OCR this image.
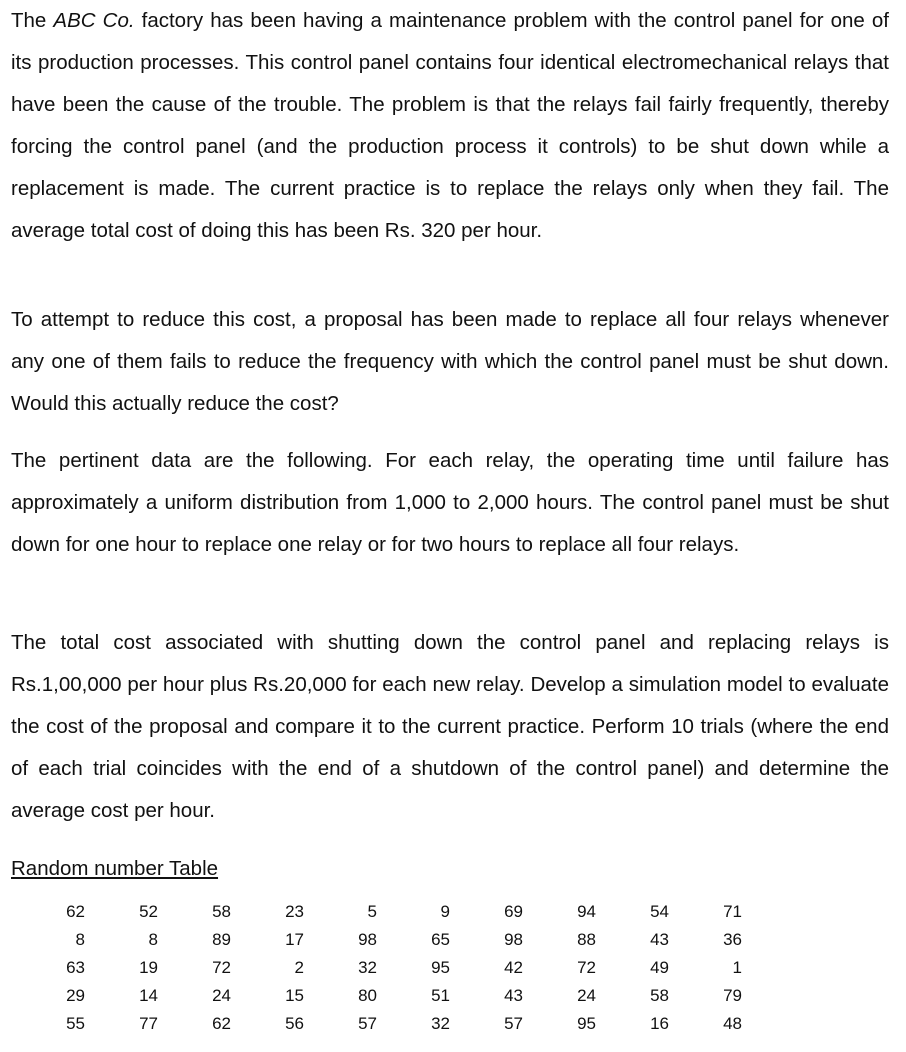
The ABC Co. factory has been having a maintenance problem with the control panel for one of its production processes. This control panel contains four identical electromechanical relays that have been the cause of the trouble. The problem is that the relays fail fairly frequently, thereby forcing the control panel (and the production process it controls) to be shut down while a replacement is made. The current practice is to replace the relays only when they fail. The average total cost of doing this has been Rs. 320 per hour.

To attempt to reduce this cost, a proposal has been made to replace all four relays whenever any one of them fails to reduce the frequency with which the control panel must be shut down. Would this actually reduce the cost?

The pertinent data are the following. For each relay, the operating time until failure has approximately a uniform distribution from 1,000 to 2,000 hours. The control panel must be shut down for one hour to replace one relay or for two hours to replace all four relays.

The total cost associated with shutting down the control panel and replacing relays is Rs.1,00,000 per hour plus Rs.20,000 for each new relay. Develop a simulation model to evaluate the cost of the proposal and compare it to the current practice. Perform 10 trials (where the end of each trial coincides with the end of a shutdown of the control panel) and determine the average cost per hour.

Random number Table
62	52	58	23	5	9	69	94	54	71
8	8	89	17	98	65	98	88	43	36
63	19	72	2	32	95	42	72	49	1
29	14	24	15	80	51	43	24	58	79
55	77	62	56	57	32	57	95	16	48
